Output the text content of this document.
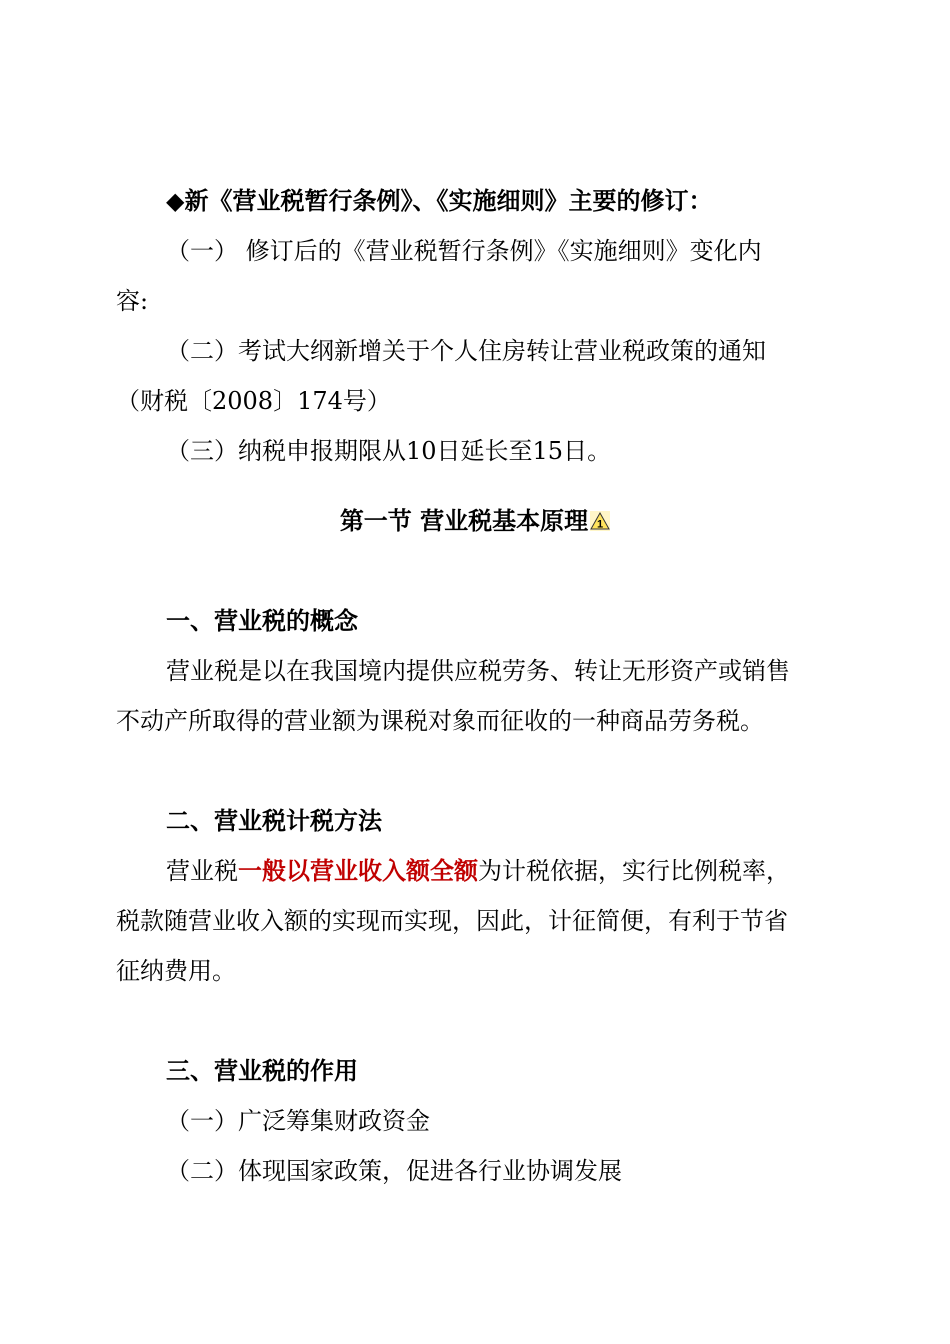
◆新《营业税暂行条例》、《实施细则》主要的修订：
（一） 修订后的《营业税暂行条例》《实施细则》变化内
容:
（二）考试大纲新增关于个人住房转让营业税政策的通知
（财税〔2008〕174号）
（三）纳税申报期限从10日延长至15日。
第一节 营业税基本原理 1
一、营业税的概念
营业税是以在我国境内提供应税劳务、转让无形资产或销售
不动产所取得的营业额为课税对象而征收的一种商品劳务税。
二、营业税计税方法
营业税一般以营业收入额全额为计税依据，实行比例税率，
税款随营业收入额的实现而实现，因此，计征简便，有利于节省
征纳费用。
三、营业税的作用
（一）广泛筹集财政资金
（二）体现国家政策，促进各行业协调发展
